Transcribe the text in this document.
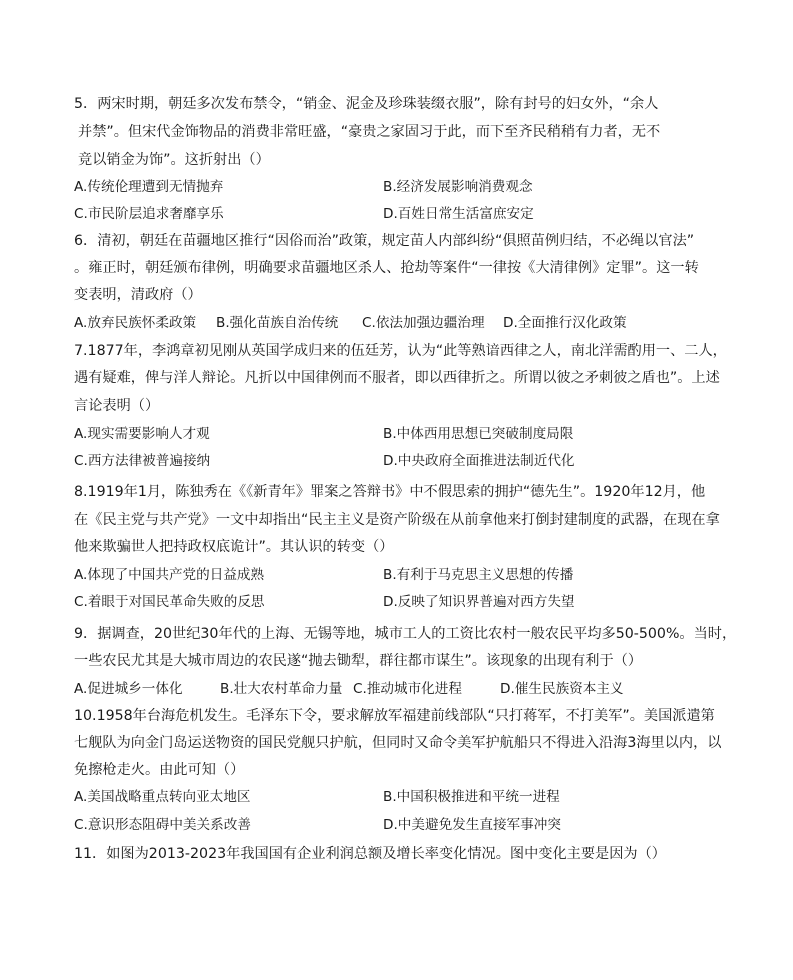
5．两宋时期，朝廷多次发布禁令，“销金、泥金及珍珠装缀衣服”，除有封号的妇女外，“余人
并禁”。但宋代金饰物品的消费非常旺盛，“豪贵之家固习于此，而下至齐民稍稍有力者，无不
竞以销金为饰”。这折射出（）
A.传统伦理遭到无情抛弃	B.经济发展影响消费观念
C.市民阶层追求奢靡享乐	D.百姓日常生活富庶安定
6．清初，朝廷在苗疆地区推行“因俗而治”政策，规定苗人内部纠纷“俱照苗例归结，不必绳以官法”
。雍正时，朝廷颁布律例，明确要求苗疆地区杀人、抢劫等案件“一律按《大清律例》定罪”。这一转
变表明，清政府（）
A.放弃民族怀柔政策 B.强化苗族自治传统 C.依法加强边疆治理 D.全面推行汉化政策
7.1877年，李鸿章初见刚从英国学成归来的伍廷芳，认为“此等熟谙西律之人，南北洋需酌用一、二人，
遇有疑难，俾与洋人辩论。凡折以中国律例而不服者，即以西律折之。所谓以彼之矛刺彼之盾也”。上述
言论表明（）
A.现实需要影响人才观	B.中体西用思想已突破制度局限
C.西方法律被普遍接纳	D.中央政府全面推进法制近代化
8.1919年1月，陈独秀在《《新青年》罪案之答辩书》中不假思索的拥护“德先生”。1920年12月，他
在《民主党与共产党》一文中却指出“民主主义是资产阶级在从前拿他来打倒封建制度的武器，在现在拿
他来欺骗世人把持政权底诡计”。其认识的转变（）
A.体现了中国共产党的日益成熟	B.有利于马克思主义思想的传播
C.着眼于对国民革命失败的反思	D.反映了知识界普遍对西方失望
9．据调查，20世纪30年代的上海、无锡等地，城市工人的工资比农村一般农民平均多50-500%。当时，
一些农民尤其是大城市周边的农民遂“抛去锄犁，群往都市谋生”。该现象的出现有利于（）
A.促进城乡一体化	B.壮大农村革命力量 C.推动城市化进程	D.催生民族资本主义
10.1958年台海危机发生。毛泽东下令，要求解放军福建前线部队“只打蒋军，不打美军”。美国派遣第
七舰队为向金门岛运送物资的国民党舰只护航，但同时又命令美军护航船只不得进入沿海3海里以内，以
免擦枪走火。由此可知（）
A.美国战略重点转向亚太地区	B.中国积极推进和平统一进程
C.意识形态阻碍中美关系改善	D.中美避免发生直接军事冲突
11．如图为2013-2023年我国国有企业利润总额及增长率变化情况。图中变化主要是因为（）
